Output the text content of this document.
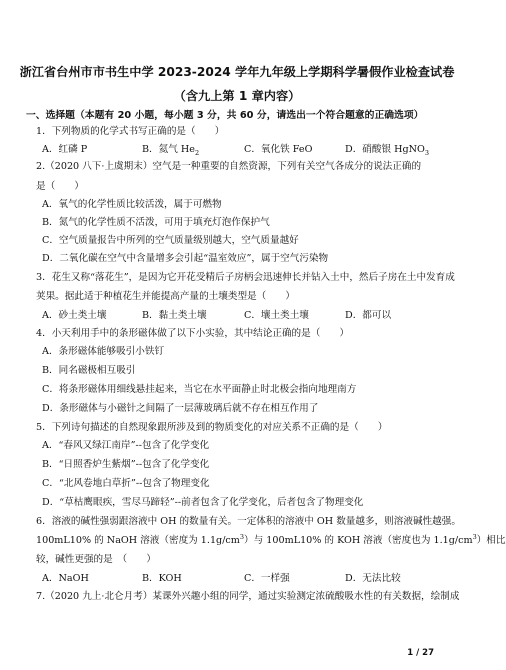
浙江省台州市市书生中学 2023-2024 学年九年级上学期科学暑假作业检查试卷
（含九上第 1 章内容）
一、选择题（本题有 20 小题，每小题 3 分，共 60 分，请选出一个符合题意的正确选项）
1．下列物质的化学式书写正确的是（　　）
A．红磷 P	B．氦气 $He_2$	C．氧化铁 FeO	D．硝酸银 HgNO$_3$
2.（2020 八下·上虞期末）空气是一种重要的自然资源，下列有关空气各成分的说法正确的
是（　　）
A．氧气的化学性质比较活泼，属于可燃物
B．氮气的化学性质不活泼，可用于填充灯泡作保护气
C．空气质量报告中所列的空气质量级别越大，空气质量越好
D．二氧化碳在空气中含量增多会引起“温室效应”，属于空气污染物
3．花生又称“落花生”，是因为它开花受精后子房柄会迅速伸长并钻入土中，然后子房在土中发育成
荚果。据此适于种植花生并能提高产量的土壤类型是（　　）
A．砂土类土壤	B．黏土类土壤	C．壤土类土壤	D．都可以
4．小天利用手中的条形磁体做了以下小实验，其中结论正确的是（　　）
A．条形磁体能够吸引小铁钉
B．同名磁极相互吸引
C．将条形磁体用细线悬挂起来，当它在水平面静止时北极会指向地理南方
D．条形磁体与小磁针之间隔了一层薄玻璃后就不存在相互作用了
5．下列诗句描述的自然现象跟所涉及到的物质变化的对应关系不正确的是（　　）
A．“春风又绿江南岸”--包含了化学变化
B．“日照香炉生紫烟”--包含了化学变化
C．“北风卷地白草折”--包含了物理变化
D．“草枯鹰眼疾，雪尽马蹄轻”--前者包含了化学变化，后者包含了物理变化
6．溶液的碱性强弱跟溶液中 OH 的数量有关。一定体积的溶液中 OH 数量越多，则溶液碱性越强。
100mL10% 的 NaOH 溶液（密度为 $1.1g/cm^3$）与 100mL10% 的 KOH 溶液（密度也为 $1.1g/cm^3$）相比
较，碱性更强的是　（　　）
A．NaOH	B．KOH	C．一样强	D．无法比较
7.（2020 九上·北仑月考）某课外兴趣小组的同学，通过实验测定浓硫酸吸水性的有关数据，绘制成
1 / 27
